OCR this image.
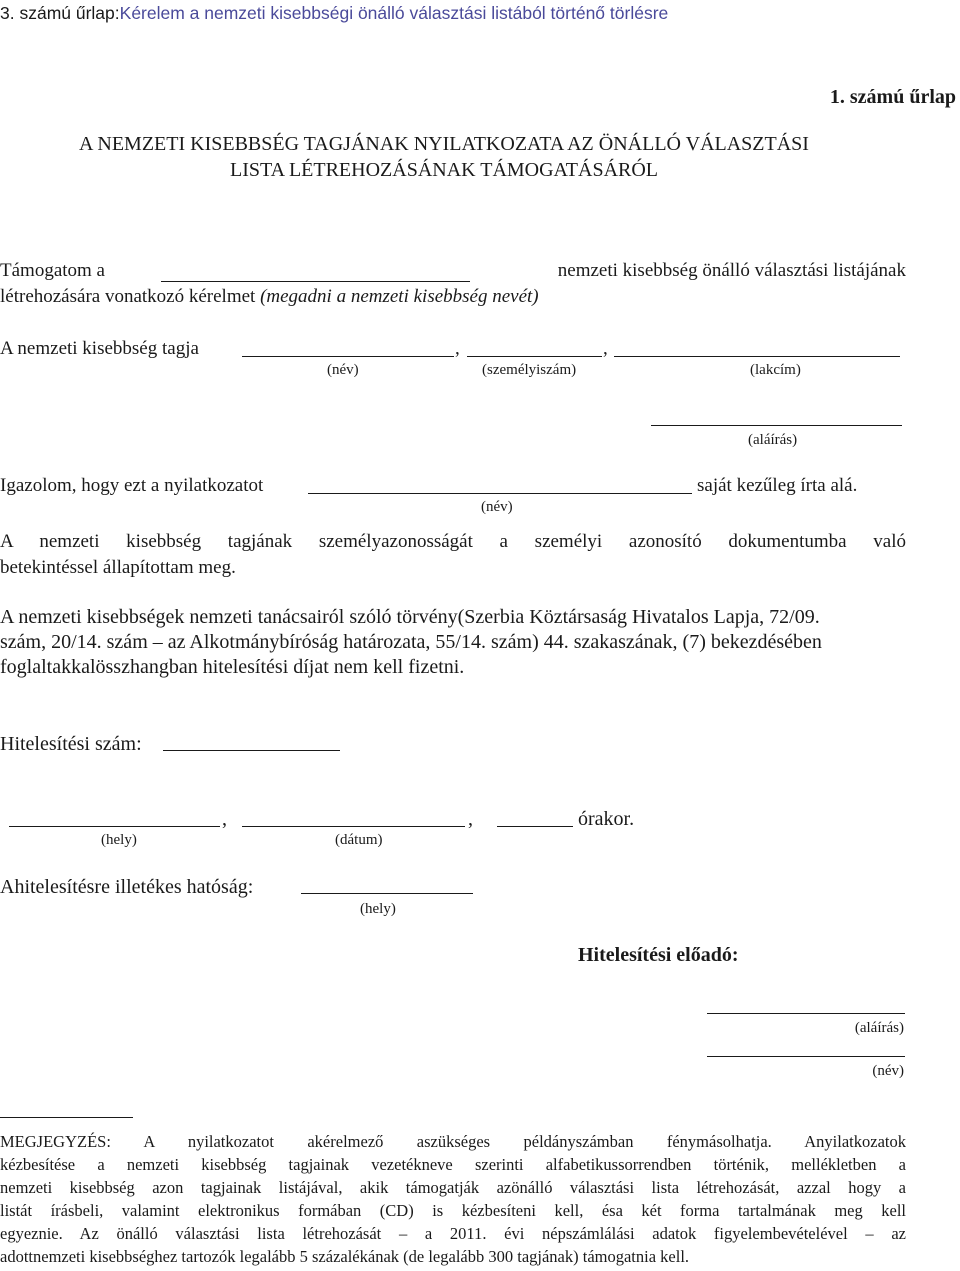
3. számú űrlap:Kérelem a nemzeti kisebbségi önálló választási listából történő törlésre
1. számú űrlap
A NEMZETI KISEBBSÉG TAGJÁNAK NYILATKOZATA AZ ÖNÁLLÓ VÁLASZTÁSI
LISTA LÉTREHOZÁSÁNAK TÁMOGATÁSÁRÓL
Támogatom a	nemzeti kisebbség önálló választási listájának
létrehozására vonatkozó kérelmet (megadni a nemzeti kisebbség nevét)
A nemzeti kisebbség tagja	,	,
(név)	(személyiszám)	(lakcím)
(aláírás)
Igazolom, hogy ezt a nyilatkozatot	saját kezűleg írta alá.
(név)
A nemzeti kisebbség tagjának személyazonosságát a személyi azonosító dokumentumba való
betekintéssel állapítottam meg.
A nemzeti kisebbségek nemzeti tanácsairól szóló törvény(Szerbia Köztársaság Hivatalos Lapja, 72/09.
szám, 20/14. szám – az Alkotmánybíróság határozata, 55/14. szám) 44. szakaszának, (7) bekezdésében
foglaltakkalösszhangban hitelesítési díjat nem kell fizetni.
Hitelesítési szám:
,	,	órakor.
(hely)	(dátum)
Ahitelesítésre illetékes hatóság:
(hely)
Hitelesítési előadó:
(aláírás)
(név)
MEGJEGYZÉS: A nyilatkozatot akérelmező aszükséges példányszámban fénymásolhatja. Anyilatkozatok
kézbesítése a nemzeti kisebbség tagjainak vezetékneve szerinti alfabetikussorrendben történik, mellékletben a
nemzeti kisebbség azon tagjainak listájával, akik támogatják azönálló választási lista létrehozását, azzal hogy a
listát írásbeli, valamint elektronikus formában (CD) is kézbesíteni kell, ésa két forma tartalmának meg kell
egyeznie. Az önálló választási lista létrehozását – a 2011. évi népszámlálási adatok figyelembevételével – az
adottnemzeti kisebbséghez tartozók legalább 5 százalékának (de legalább 300 tagjának) támogatnia kell.
